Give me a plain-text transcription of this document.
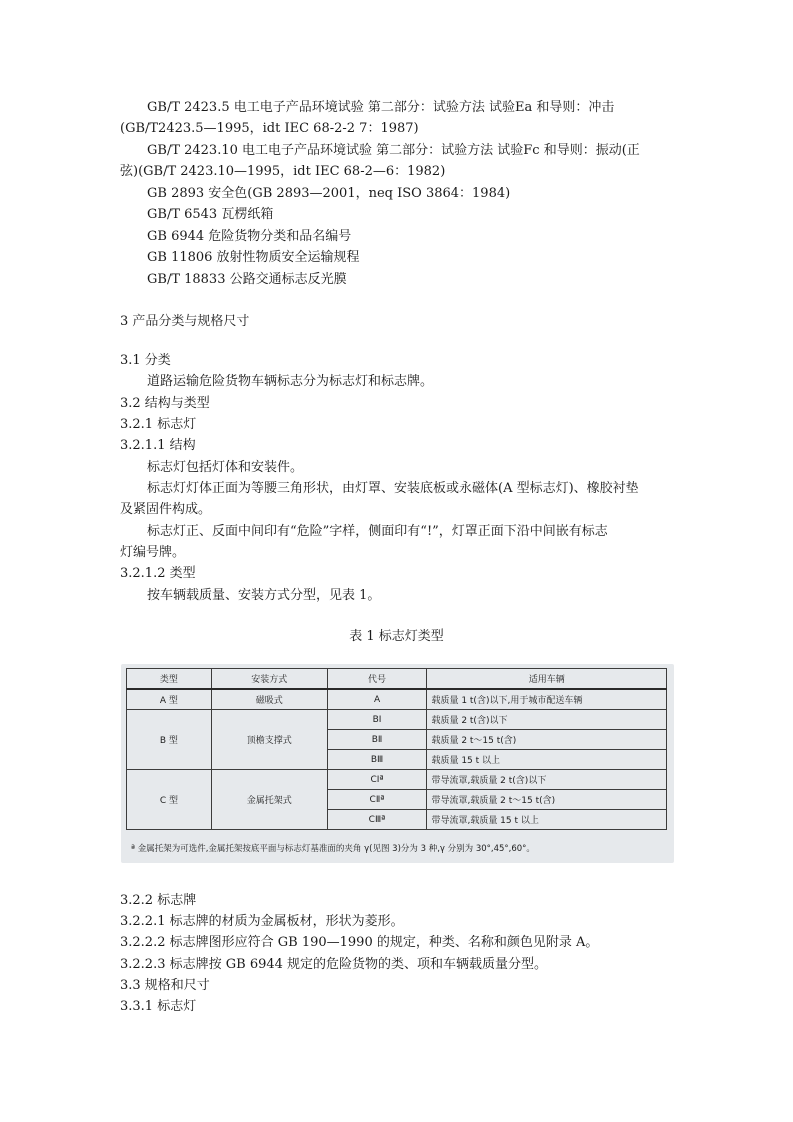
GB/T 2423.5 电工电子产品环境试验 第二部分：试验方法 试验Ea 和导则：冲击
(GB/T2423.5—1995，idt IEC 68-2-2 7：1987)
GB/T 2423.10 电工电子产品环境试验 第二部分：试验方法 试验Fc 和导则：振动(正
弦)(GB/T 2423.10—1995，idt IEC 68-2—6：1982)
GB 2893 安全色(GB 2893—2001，neq ISO 3864：1984)
GB/T 6543 瓦楞纸箱
GB 6944 危险货物分类和品名编号
GB 11806 放射性物质安全运输规程
GB/T 18833 公路交通标志反光膜
3 产品分类与规格尺寸
3.1 分类
道路运输危险货物车辆标志分为标志灯和标志牌。
3.2 结构与类型
3.2.1 标志灯
3.2.1.1 结构
标志灯包括灯体和安装件。
标志灯灯体正面为等腰三角形状，由灯罩、安装底板或永磁体(A 型标志灯)、橡胶衬垫
及紧固件构成。
标志灯正、反面中间印有“危险”字样，侧面印有“!”，灯罩正面下沿中间嵌有标志
灯编号牌。
3.2.1.2 类型
按车辆载质量、安装方式分型，见表 1。
表 1 标志灯类型
类型	安装方式	代号	适用车辆
A 型	磁吸式	A	载质量 1 t(含)以下,用于城市配送车辆
B 型	顶檐支撑式	BⅠ	载质量 2 t(含)以下
		BⅡ	载质量 2 t～15 t(含)
		BⅢ	载质量 15 t 以上
C 型	金属托架式	CⅠª	带导流罩,载质量 2 t(含)以下
		CⅡª	带导流罩,载质量 2 t～15 t(含)
		CⅢª	带导流罩,载质量 15 t 以上
ª 金属托架为可选件,金属托架按底平面与标志灯基准面的夹角 γ(见图 3)分为 3 种,γ 分别为 30°,45°,60°。
3.2.2 标志牌
3.2.2.1 标志牌的材质为金属板材，形状为菱形。
3.2.2.2 标志牌图形应符合 GB 190—1990 的规定，种类、名称和颜色见附录 A。
3.2.2.3 标志牌按 GB 6944 规定的危险货物的类、项和车辆载质量分型。
3.3 规格和尺寸
3.3.1 标志灯
